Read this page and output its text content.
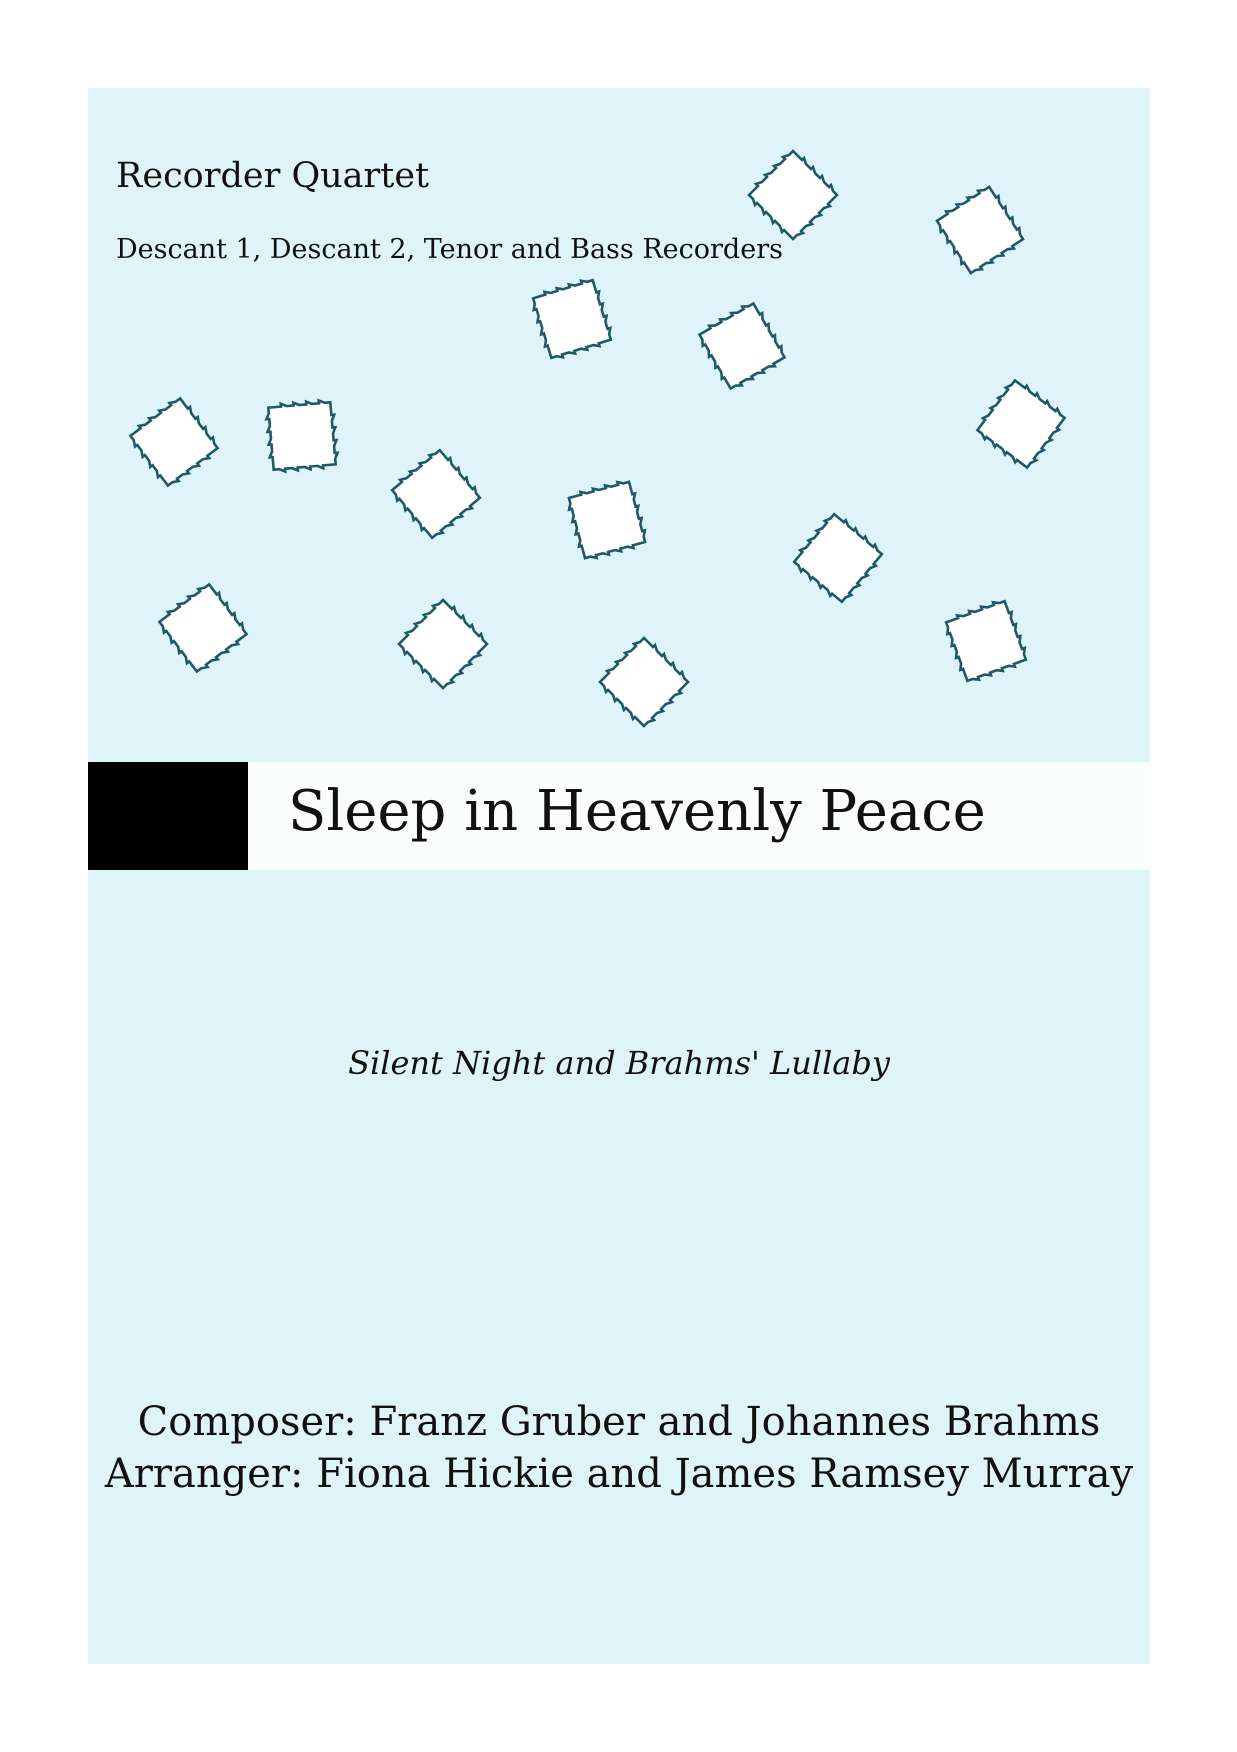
Recorder Quartet
Descant 1, Descant 2, Tenor and Bass Recorders
Sleep in Heavenly Peace
Silent Night and Brahms' Lullaby
Composer: Franz Gruber and Johannes Brahms
Arranger: Fiona Hickie and James Ramsey Murray
